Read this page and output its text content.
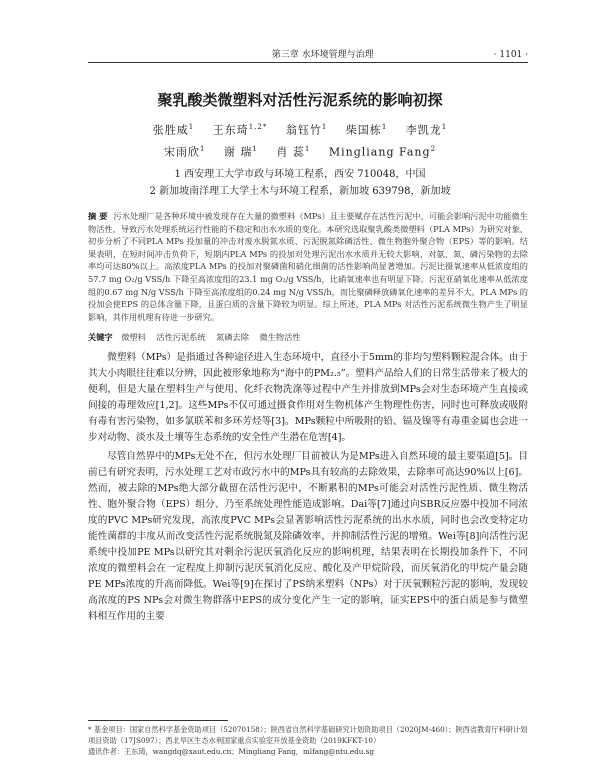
第三章 水环境管理与治理	· 1101 ·
聚乳酸类微塑料对活性污泥系统的影响初探
张胜威$^1$ 王东琦$^{1,2*}$ 翁钰竹$^1$ 柴国栋$^1$ 李凯龙$^1$
宋雨欣$^1$ 谢 瑞$^1$ 肖 蕊$^1$ Mingliang Fang$^2$
1 西安理工大学市政与环境工程系，西安 710048，中国
2 新加坡南洋理工大学土木与环境工程系，新加坡 639798，新加坡
摘 要 污水处理厂是各种环境中被发现存在大量的微塑料（MPs）且主要赋存在活性污泥中，可能会影响污泥中功能微生物活性，导致污水处理系统运行性能的不稳定和出水水质的变化。本研究选取聚乳酸类微塑料（PLA MPs）为研究对象，初步分析了不同PLA MPs 投加量的冲击对废水脱氮水质、污泥脱氮除磷活性、微生物胞外聚合物（EPS）等的影响。结果表明，在短时间冲击负荷下，短期内PLA MPs 的投加对处理污泥出水水质并无较大影响，对氨、氮、磷污染物的去除率均可达80%以上。高浓度PLA MPs 的投加对聚磷菌和硝化细菌的活性影响尚显著增加。污泥比摄氧速率从低浓度组的57.7 mg O₂/g VSS/h 下降至高浓度组的23.1 mg O₂/g VSS/h，比硝氧速率也有明显下降。污泥亚硝氧化速率从低浓度组的0.67 mg N/g VSS/h 下降至高浓度组的0.24 mg N/g VSS/h，而比聚磷释放磷氧化速率的差异不大。PLA MPs 的投加会使EPS 的总体含量下降，且蛋白质的含量下降较为明显。综上所述，PLA MPs 对活性污泥系统微生物产生了明显影响，其作用机理有待进一步研究。
关键字 微塑料 活性污泥系统 氮磷去除 微生物活性

微塑料（MPs）是指通过各种途径进入生态环境中，直径小于5mm的非均匀塑料颗粒混合体。由于其大小肉眼往往难以分辨，因此被形象地称为“海中的PM₂.₅”。塑料产品给人们的日常生活带来了极大的便利，但是大量在塑料生产与使用、化纤衣物洗涤等过程中产生并排放到MPs会对生态环境产生直接或间接的毒理效应[1,2]。这些MPs不仅可通过摄食作用对生物机体产生物理性伤害，同时也可释放或吸附有毒有害污染物，如多氯联苯和多环芳烃等[3]。MPs颗粒中所吸附的铅、镉及镍等有毒重金属也会进一步对动物、淡水及土壤等生态系统的安全性产生潜在危害[4]。

尽管自然界中的MPs无处不在，但污水处理厂目前被认为是MPs进入自然环境的最主要渠道[5]。目前已有研究表明，污水处理工艺对市政污水中的MPs具有较高的去除效果，去除率可高达90%以上[6]。然而，被去除的MPs绝大部分截留在活性污泥中，不断累积的MPs可能会对活性污泥性质、微生物活性、胞外聚合物（EPS）组分、乃至系统处理性能造成影响。Dai等[7]通过向SBR反应器中投加不同浓度的PVC MPs研究发现，高浓度PVC MPs会显著影响活性污泥系统的出水水质，同时也会改变特定功能性菌群的丰度从而改变活性污泥系统脱氮及除磷效率，并抑制活性污泥的增殖。Wei等[8]向活性污泥系统中投加PE MPs以研究其对剩余污泥厌氧消化反应的影响机理，结果表明在长期投加条件下，不同浓度的微塑料会在一定程度上抑制污泥厌氧消化反应、酸化及产甲烷阶段，而厌氧消化的甲烷产量会随PE MPs浓度的升高而降低。Wei等[9]在探讨了PS纳米塑料（NPs）对于厌氧颗粒污泥的影响，发现较高浓度的PS NPs会对微生物群落中EPS的成分变化产生一定的影响，证实EPS中的蛋白质是参与微塑料相互作用的主要

* 基金项目：国家自然科学基金资助项目（52070158）；陕西省自然科学基础研究计划资助项目（2020JM-460）；陕西省教育厅科研计划项目资助（17JS097）；西北旱区生态水利国家重点实验室开放基金资助（2019KFKT-10）
通讯作者：王东琦，wangdq@xaut.edu.cn；Mingliang Fang，mlfang@ntu.edu.sg
